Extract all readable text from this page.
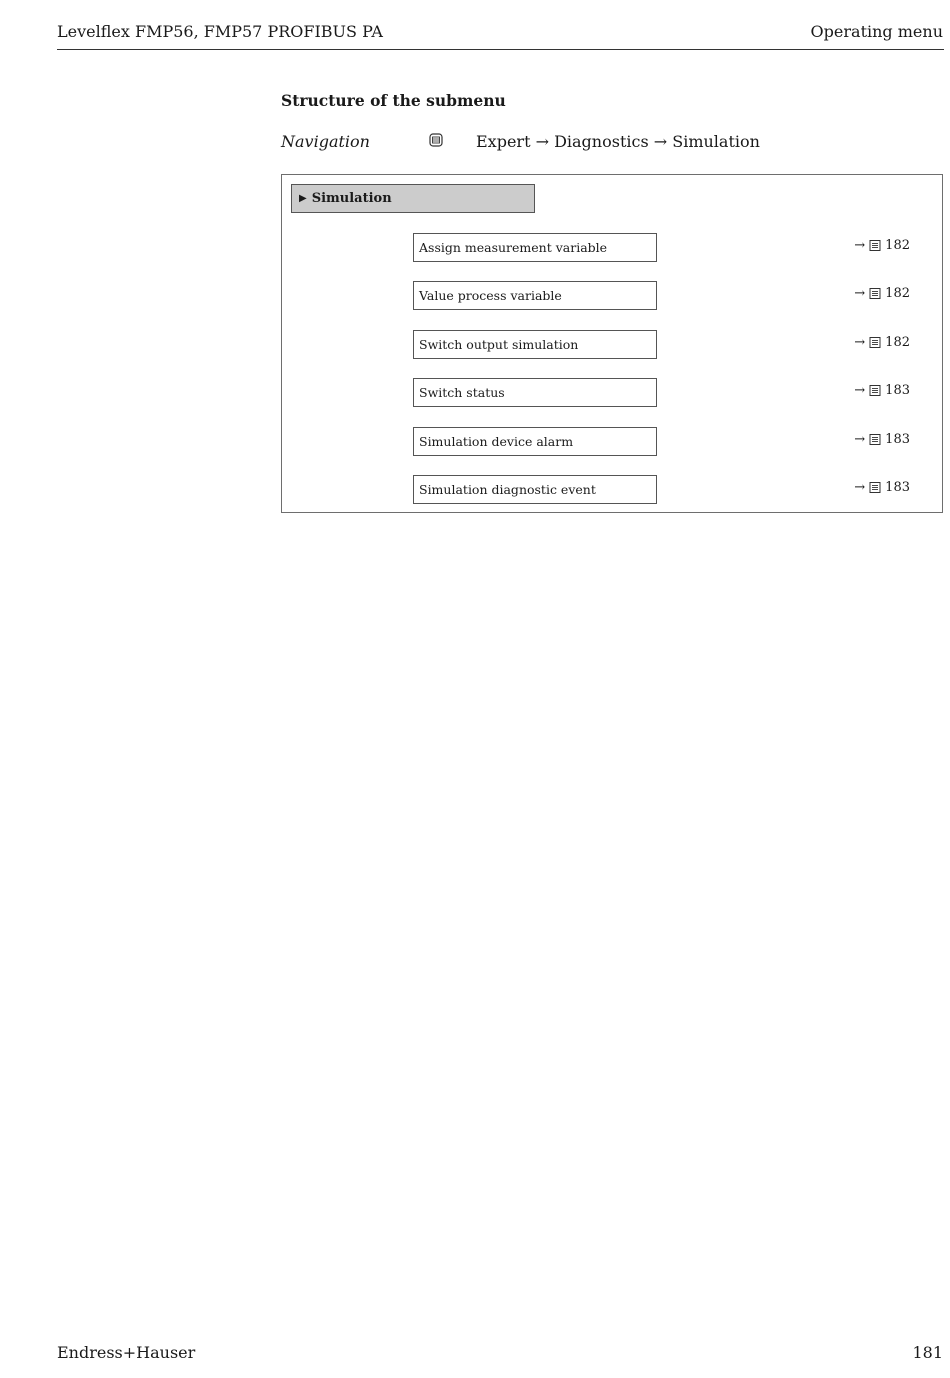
Levelflex FMP56, FMP57 PROFIBUS PA	Operating menu
Structure of the submenu
Navigation	Expert → Diagnostics → Simulation
▶ Simulation
Assign measurement variable	→ 182
Value process variable	→ 182
Switch output simulation	→ 182
Switch status	→ 183
Simulation device alarm	→ 183
Simulation diagnostic event	→ 183
Endress+Hauser	181
